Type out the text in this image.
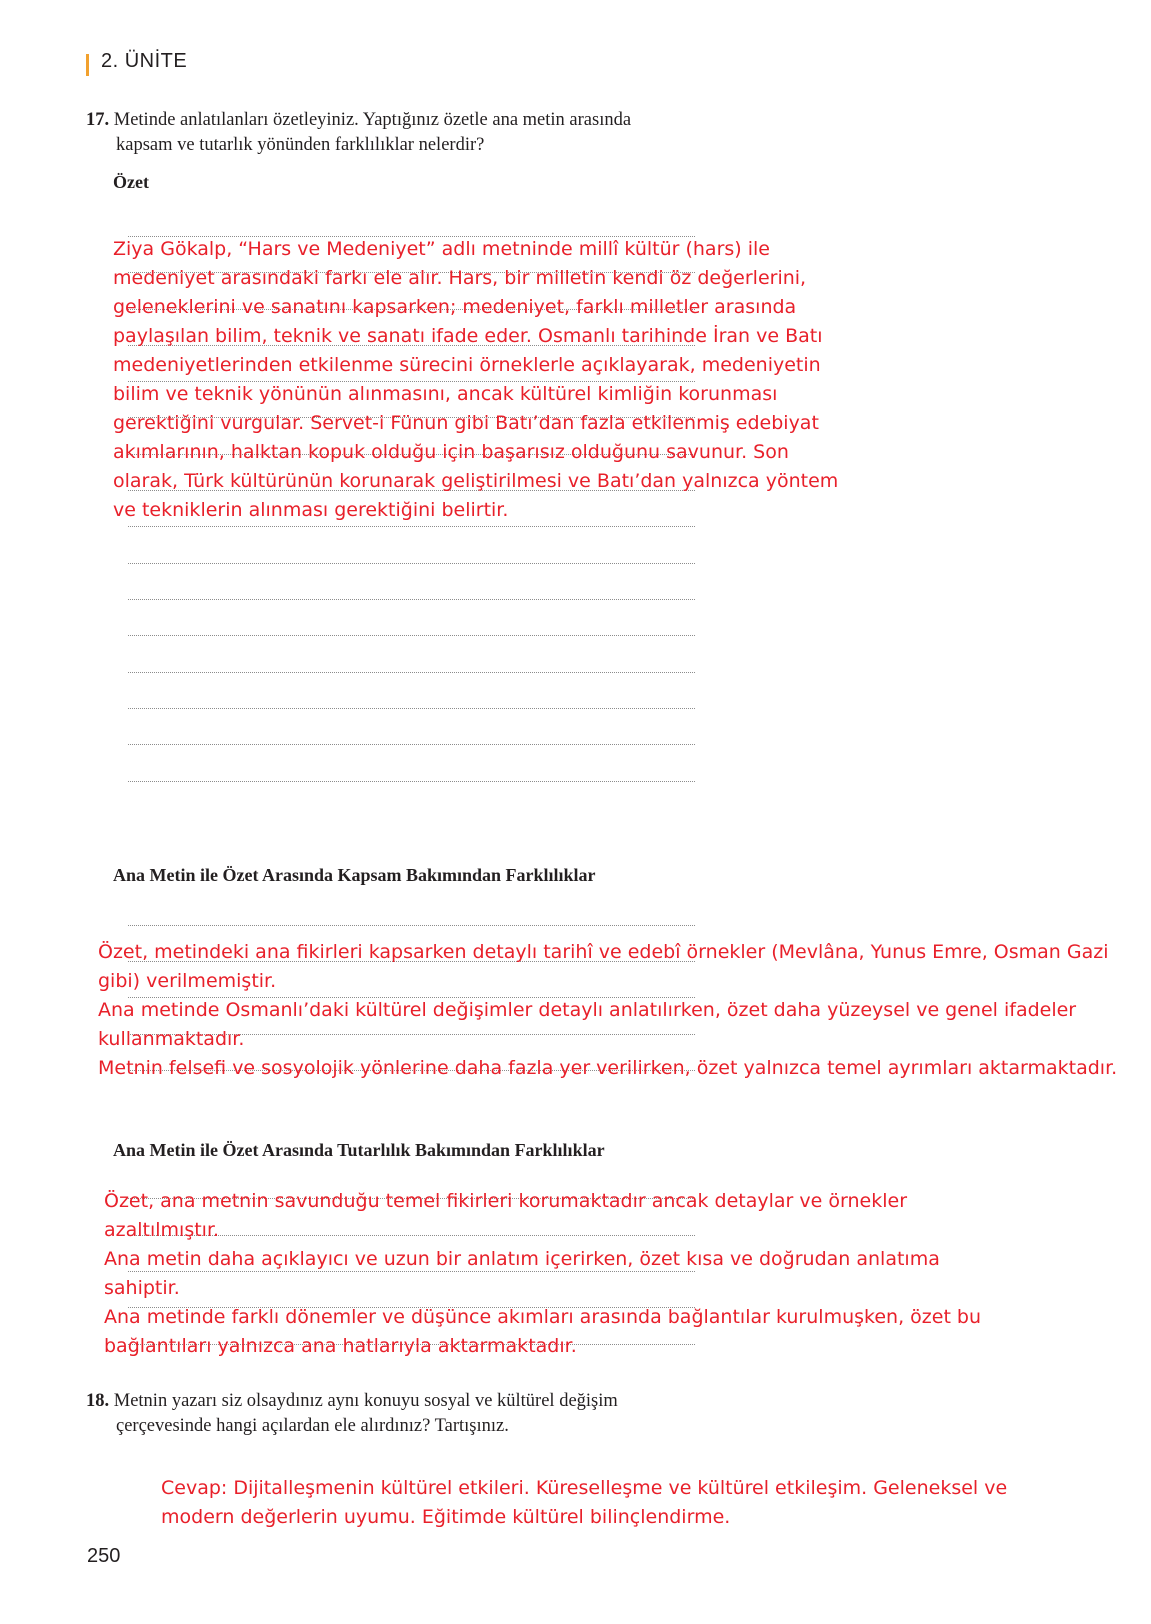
2. ÜNİTE
17. Metinde anlatılanları özetleyiniz. Yaptığınız özetle ana metin arasında
kapsam ve tutarlık yönünden farklılıklar nelerdir?
Özet

Ziya Gökalp, “Hars ve Medeniyet” adlı metninde millî kültür (hars) ile

medeniyet arasındaki farkı ele alır. Hars, bir milletin kendi öz değerlerini,

geleneklerini ve sanatını kapsarken; medeniyet, farklı milletler arasında

paylaşılan bilim, teknik ve sanatı ifade eder. Osmanlı tarihinde İran ve Batı

medeniyetlerinden etkilenme sürecini örneklerle açıklayarak, medeniyetin

bilim ve teknik yönünün alınmasını, ancak kültürel kimliğin korunması

gerektiğini vurgular. Servet-i Fünun gibi Batı’dan fazla etkilenmiş edebiyat

akımlarının, halktan kopuk olduğu için başarısız olduğunu savunur. Son

olarak, Türk kültürünün korunarak geliştirilmesi ve Batı’dan yalnızca yöntem

ve tekniklerin alınması gerektiğini belirtir.

Ana Metin ile Özet Arasında Kapsam Bakımından Farklılıklar

Özet, metindeki ana fikirleri kapsarken detaylı tarihî ve edebî örnekler (Mevlâna, Yunus Emre, Osman Gazi

gibi) verilmemiştir.

Ana metinde Osmanlı’daki kültürel değişimler detaylı anlatılırken, özet daha yüzeysel ve genel ifadeler

kullanmaktadır.

Metnin felsefi ve sosyolojik yönlerine daha fazla yer verilirken, özet yalnızca temel ayrımları aktarmaktadır.

Ana Metin ile Özet Arasında Tutarlılık Bakımından Farklılıklar

Özet, ana metnin savunduğu temel fikirleri korumaktadır ancak detaylar ve örnekler

azaltılmıştır.

Ana metin daha açıklayıcı ve uzun bir anlatım içerirken, özet kısa ve doğrudan anlatıma

sahiptir.

Ana metinde farklı dönemler ve düşünce akımları arasında bağlantılar kurulmuşken, özet bu

bağlantıları yalnızca ana hatlarıyla aktarmaktadır.

18. Metnin yazarı siz olsaydınız aynı konuyu sosyal ve kültürel değişim
çerçevesinde hangi açılardan ele alırdınız? Tartışınız.

Cevap: Dijitalleşmenin kültürel etkileri. Küreselleşme ve kültürel etkileşim. Geleneksel ve

modern değerlerin uyumu. Eğitimde kültürel bilinçlendirme.

250
